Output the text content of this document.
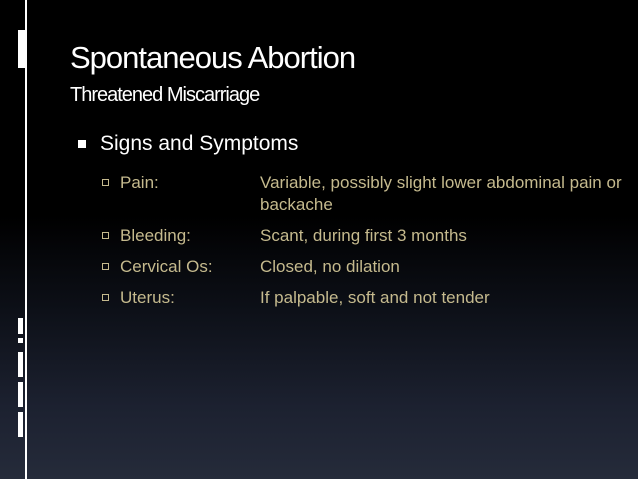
Spontaneous Abortion
Threatened Miscarriage
Signs and Symptoms
Pain:	Variable, possibly slight lower abdominal pain or backache
Bleeding:	Scant, during first 3 months
Cervical Os:	Closed, no dilation
Uterus:	If palpable, soft and not tender
